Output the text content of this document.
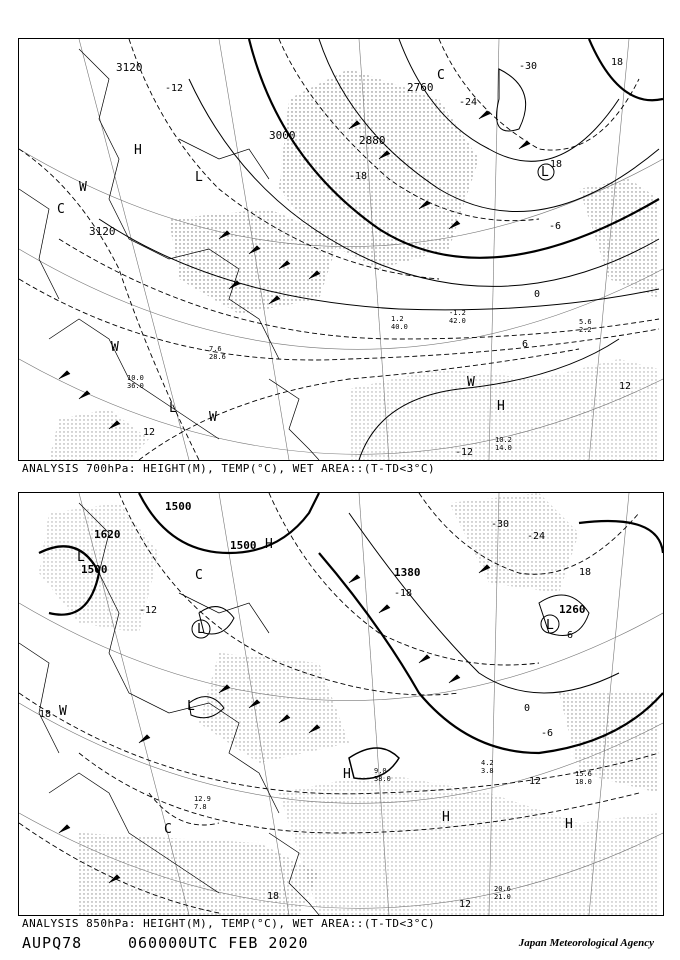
3120
2760
3120
3000	2880
-12
-18
-24
-30
-6
0
6
12
18
12
-18
-12
H
L	L
L	H
C
C
W
W
W
W
10.2
14.0
7.6
28.6
10.0
36.0
1.2
40.0
5.6
2.2
-1.2
42.0
ANALYSIS 700hPa: HEIGHT(M), TEMP(°C), WET AREA::(T-TD<3°C)
1500
1500
1500	1380
1260
1620
-30
-24
-18
-12
-6
0
6
12
18
18
18
12
H
L
L
L
L
H
H	H
C
C
W
20.6
21.0
15.6
18.0
4.2
3.8
9.0
38.0
12.9
7.8
ANALYSIS 850hPa: HEIGHT(M), TEMP(°C), WET AREA::(T-TD<3°C)
AUPQ78	060000UTC FEB 2020	Japan Meteorological Agency
